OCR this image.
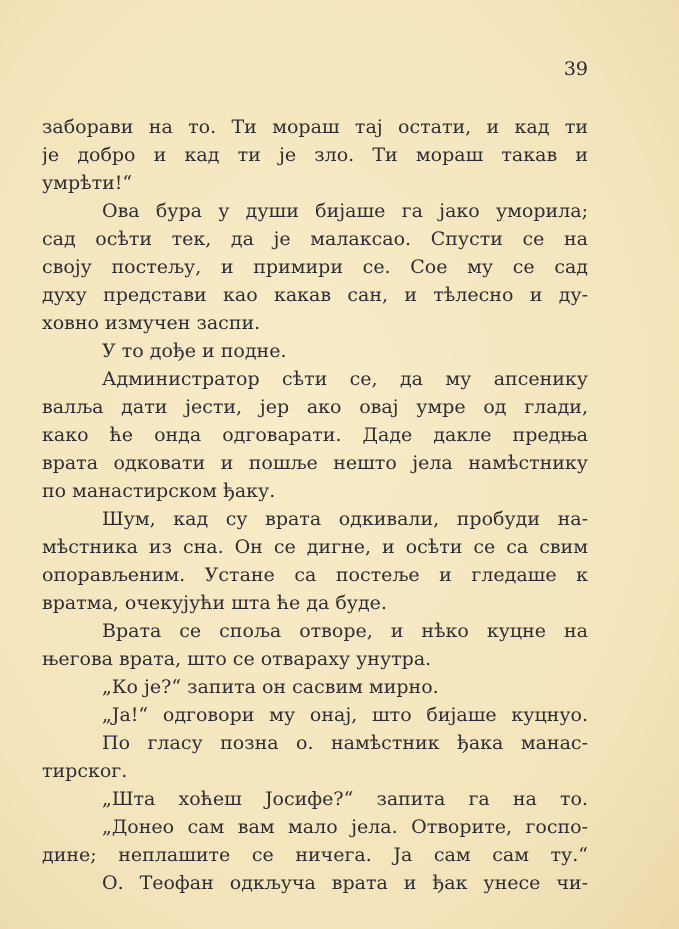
39
заборави на то. Ти мораш тај остати, и кад ти
је добро и кад ти је зло. Ти мораш такав и
умрѣти!“
Ова бура у души бијаше га јако уморила;
сад осѣти тек, да је малаксао. Спусти се на
своју постељу, и примири се. Сое му се сад
духу представи као какав сан, и тѣлесно и ду-
ховно измучен заспи.
У то дође и подне.
Администратор сѣти се, да му апсенику
валља дати јести, јер ако овај умре од глади,
како ће онда одговарати. Даде дакле предња
врата одковати и пошље нешто јела намѣстнику
по манастирском ђаку.
Шум, кад су врата одкивали, пробуди на-
мѣстника из сна. Он се дигне, и осѣти се са свим
опорављеним. Устане са постеље и гледаше к
вратма, очекујући шта ће да буде.
Врата се споља отворе, и нѣко куцне на
његова врата, што се отвараху унутра.
„Ко је?“ запита он сасвим мирно.
„Ја!“ одговори му онај, што бијаше куцнуо.
По гласу позна о. намѣстник ђака манас-
тирског.
„Шта хоћеш Јосифе?“ запита га на то.
„Донео сам вам мало јела. Отворите, госпо-
дине; неплашите се ничега. Ја сам сам ту.“
О. Теофан одкључа врата и ђак унесе чи-
